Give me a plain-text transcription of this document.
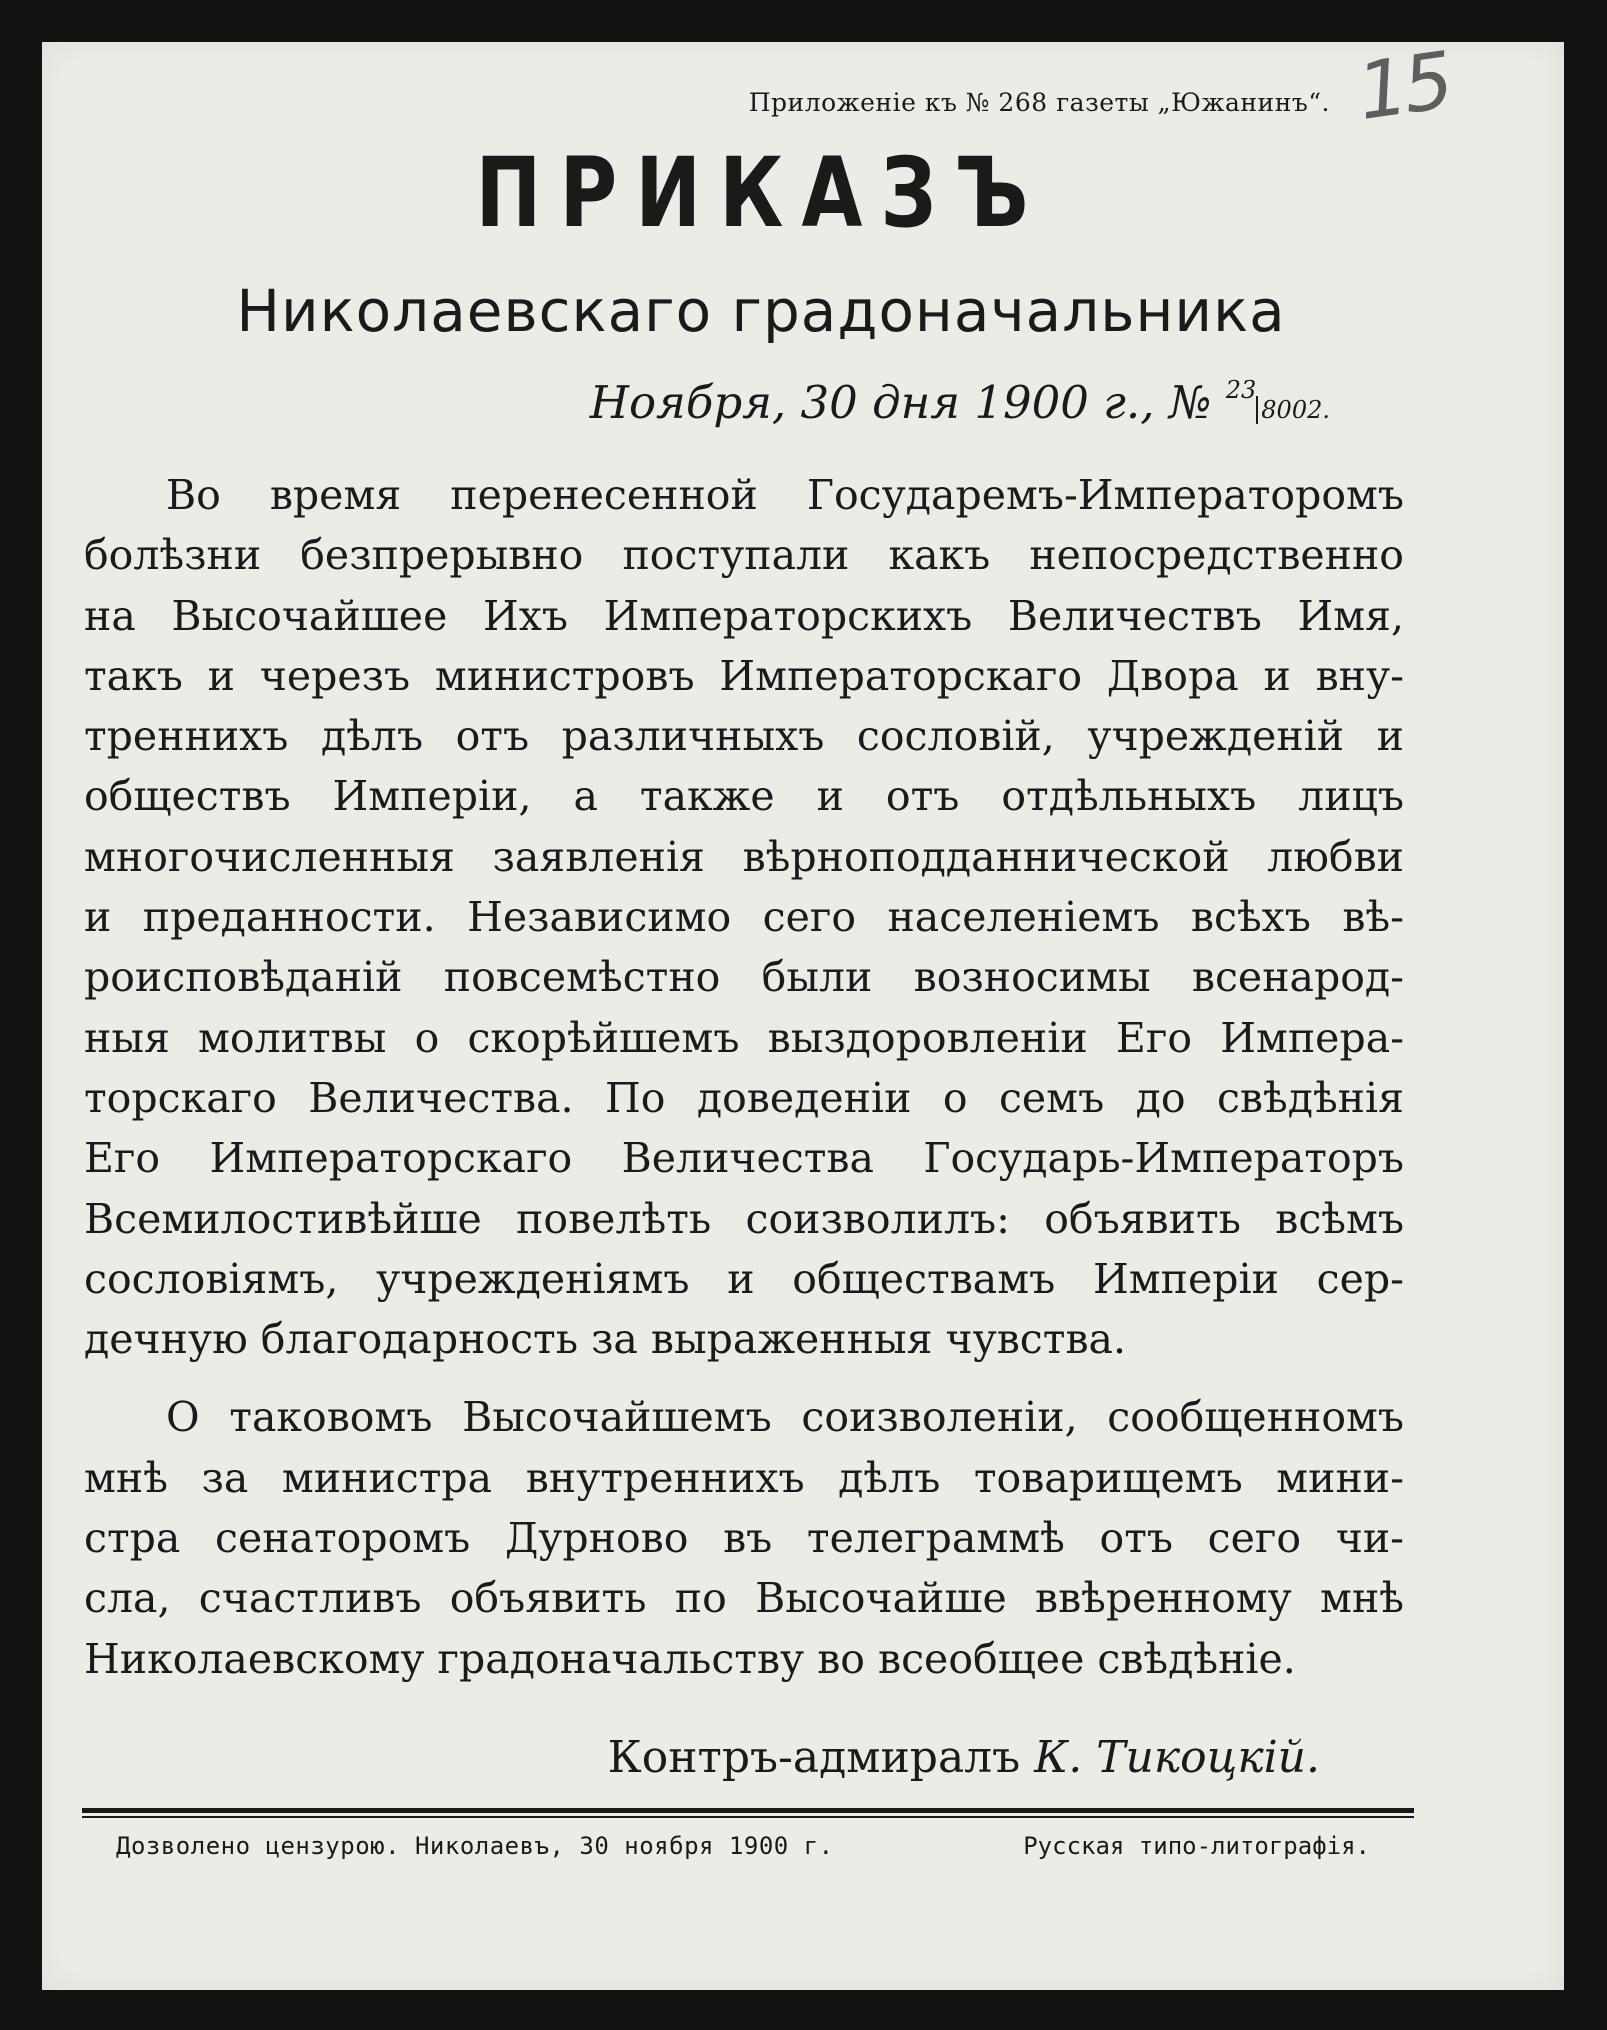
15
Приложенiе къ № 268 газеты „Южанинъ“.
ПРИКАЗЪ
Николаевскаго градоначальника
Ноября, 30 дня 1900 г., № $^{23}$8002.

Во время перенесенной Государемъ-Императоромъ
болѣзни безпрерывно поступали какъ непосредственно
на Высочайшее Ихъ Императорскихъ Величествъ Имя,
такъ и черезъ министровъ Императорскаго Двора и вну-
треннихъ дѣлъ отъ различныхъ сословiй, учрежденiй и
обществъ Имперiи, а также и отъ отдѣльныхъ лицъ
многочисленныя заявленiя вѣрноподданнической любви
и преданности. Независимо сего населенiемъ всѣхъ вѣ-
роисповѣданiй повсемѣстно были возносимы всенарод-
ныя молитвы о скорѣйшемъ выздоровленiи Его Импера-
торскаго Величества. По доведенiи о семъ до свѣдѣнiя
Его Императорскаго Величества Государь-Императоръ
Всемилостивѣйше повелѣть соизволилъ: объявить всѣмъ
сословiямъ, учрежденiямъ и обществамъ Имперiи сер-
дечную благодарность за выраженныя чувства.

О таковомъ Высочайшемъ соизволенiи, сообщенномъ
мнѣ за министра внутреннихъ дѣлъ товарищемъ мини-
стра сенаторомъ Дурново въ телеграммѣ отъ сего чи-
сла, счастливъ объявить по Высочайше ввѣренному мнѣ
Николаевскому градоначальству во всеобщее свѣдѣнiе.

Контръ-адмиралъ К. Тикоцкiй.
Дозволено цензурою. Николаевъ, 30 ноября 1900 г.	Русская типо-литографiя.
